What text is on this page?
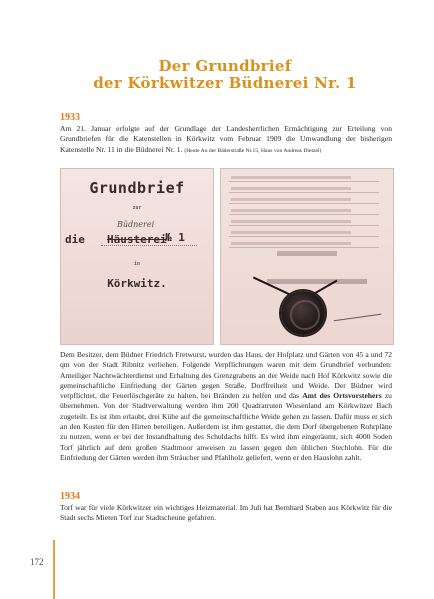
Der Grundbrief
der Körkwitzer Büdnerei Nr. 1
1933

Am 21. Januar erfolgte auf der Grundlage der Landesherrlichen Ermächtigung zur Erteilung von Grundbriefen für die Katenstellen in Körkwitz vom Februar 1909 die Umwandlung der bisherigen Katenstelle Nr. 11 in die Büdnerei Nr. 1. (Heute An der Bäderstraße Nr.15, Haus von Andreas Dietzel)

Grundbrief
zur
Büdnerei
die	Häusterei
№ 1
in
Körkwitz.

Dem Besitzer, dem Büdner Friedrich Fretwurst, wurden das Haus, der Hofplatz und Gärten von 45 a und 72 qm von der Stadt Ribnitz verliehen. Folgende Verpflichtungen waren mit dem Grundbrief verbunden: Anteiliger Nachtwächterdienst und Erhaltung des Grenzgrabens an der Weide nach Hof Körkwitz sowie die gemeinschaftliche Einfriedung der Gärten gegen Straße, Dorffreiheit und Weide. Der Büdner wird verpflichtet, die Feuerlöschgeräte zu halten, bei Bränden zu helfen und das Amt des Ortsvorstehers zu übernehmen. Von der Stadtverwaltung werden ihm 200 Quadratruten Wiesenland am Körkwitzer Bach zugeteilt. Es ist ihm erlaubt, drei Kühe auf die gemeinschaftliche Weide gehen zu lassen. Dafür muss er sich an den Kosten für den Hirten beteiligen. Außerdem ist ihm gestattet, die dem Dorf übergebenen Rohrpläne zu nutzen, wenn er bei der Instandhaltung des Schuldachs hilft. Es wird ihm eingeräumt, sich 4000 Soden Torf jährlich auf dem großen Stadtmoor anweisen zu lassen gegen den üblichen Stechlohn. Für die Einfriedung der Gärten werden ihm Sträucher und Pfahlholz geliefert, wenn er den Hauslohn zahlt.

1934

Torf war für viele Körkwitzer ein wichtiges Heizmaterial. Im Juli hat Bernhard Staben aus Körkwitz für die Stadt sechs Mieten Torf zur Stadtscheune gefahren.

172
